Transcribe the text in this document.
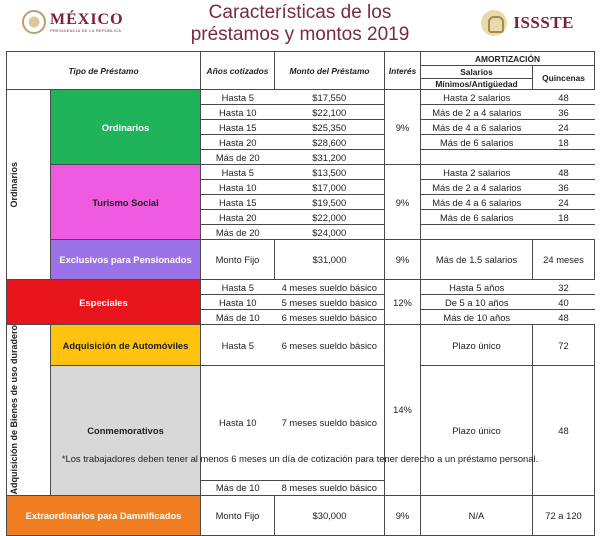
MÉXICO
PRESIDENCIA DE LA REPÚBLICA
Características de los
préstamos y montos 2019
ISSSTE
Tipo de Préstamo		Años cotizados	Monto del Préstamo	Interés	AMORTIZACIÓN	
					Salarios	Quincenas
					Mínimos/Antigüedad	

Ordinarios	Ordinarios	Hasta 5	$17,550	9%	Hasta 2 salarios	48
		Hasta 10	$22,100		Más de 2 a 4 salarios	36
		Hasta 15	$25,350		Más de 4 a 6 salarios	24
		Hasta 20	$28,600		Más de 6 salarios	18
		Más de 20	$31,200			
	Turismo Social	Hasta 5	$13,500	9%	Hasta 2 salarios	48
		Hasta 10	$17,000		Más de 2 a 4 salarios	36
		Hasta 15	$19,500		Más de 4 a 6 salarios	24
		Hasta 20	$22,000		Más de 6 salarios	18
		Más de 20	$24,000			
	Exclusivos para Pensionados	Monto Fijo	$31,000	9%	Más de 1.5 salarios	24 meses
Especiales		Hasta 5	4 meses sueldo básico	12%	Hasta 5 años	32
		Hasta 10	5 meses sueldo básico		De 5 a 10 años	40
		Más de 10	6 meses sueldo básico		Más de 10 años	48

Adquisición de Bienes de uso duradero	Adquisición de Automóviles	Hasta 5	6 meses sueldo básico	14%	Plazo único	72
	Conmemorativos	Hasta 10	7 meses sueldo básico		Plazo único	48
		Más de 10	8 meses sueldo básico			
Extraordinarios para Damnificados		Monto Fijo	$30,000	9%	N/A	72 a 120
*Los trabajadores deben tener al menos 6 meses un día de cotización para tener derecho a un préstamo personal.
